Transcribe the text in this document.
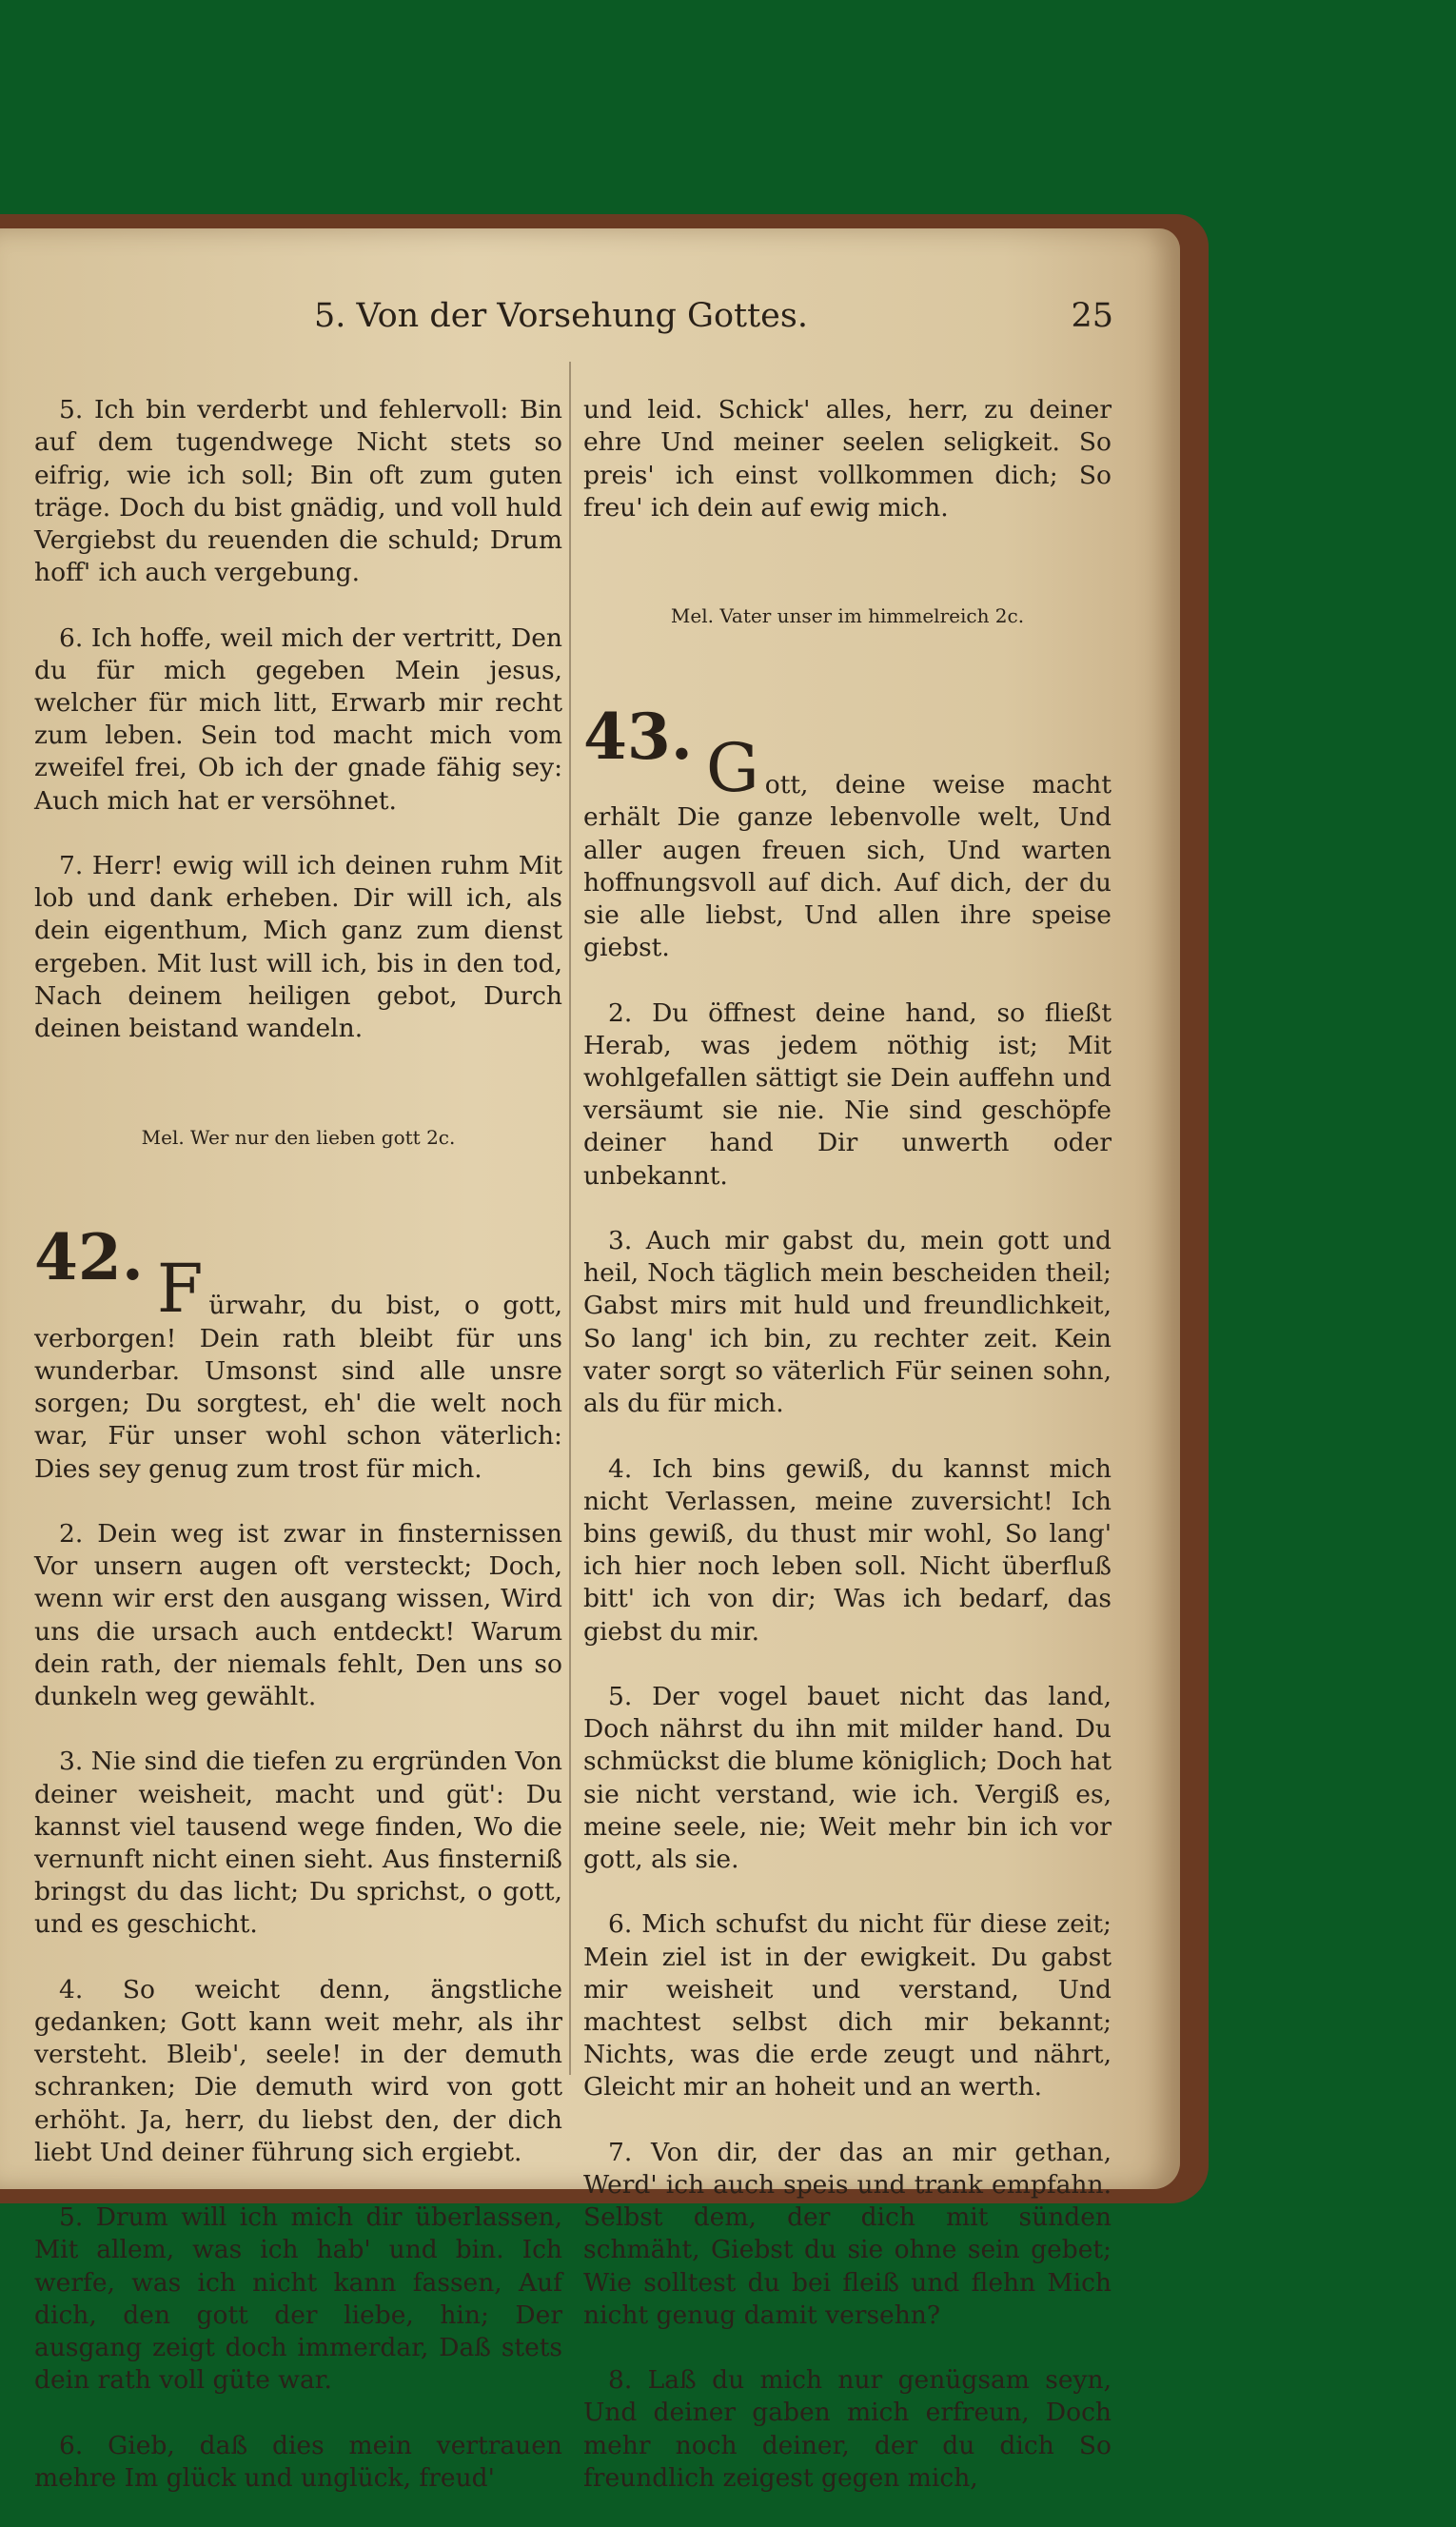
5. Von der Vorsehung Gottes.	25

5. Ich bin verderbt und fehlervoll: Bin auf dem tugendwege Nicht stets so eifrig, wie ich soll; Bin oft zum guten träge. Doch du bist gnädig, und voll huld Vergiebst du reuenden die schuld; Drum hoff' ich auch vergebung.

6. Ich hoffe, weil mich der vertritt, Den du für mich gegeben Mein jesus, welcher für mich litt, Erwarb mir recht zum leben. Sein tod macht mich vom zweifel frei, Ob ich der gnade fähig sey: Auch mich hat er versöhnet.

7. Herr! ewig will ich deinen ruhm Mit lob und dank erheben. Dir will ich, als dein eigenthum, Mich ganz zum dienst ergeben. Mit lust will ich, bis in den tod, Nach deinem heiligen gebot, Durch deinen beistand wandeln.

Mel. Wer nur den lieben gott 2c.

42. F ürwahr, du bist, o gott, verborgen! Dein rath bleibt für uns wunderbar. Umsonst sind alle unsre sorgen; Du sorgtest, eh' die welt noch war, Für unser wohl schon väterlich: Dies sey genug zum trost für mich.

2. Dein weg ist zwar in finsternissen Vor unsern augen oft versteckt; Doch, wenn wir erst den ausgang wissen, Wird uns die ursach auch entdeckt! Warum dein rath, der niemals fehlt, Den uns so dunkeln weg gewählt.

3. Nie sind die tiefen zu ergründen Von deiner weisheit, macht und güt': Du kannst viel tausend wege finden, Wo die vernunft nicht einen sieht. Aus finsterniß bringst du das licht; Du sprichst, o gott, und es geschicht.

4. So weicht denn, ängstliche gedanken; Gott kann weit mehr, als ihr versteht. Bleib', seele! in der demuth schranken; Die demuth wird von gott erhöht. Ja, herr, du liebst den, der dich liebt Und deiner führung sich ergiebt.

5. Drum will ich mich dir überlassen, Mit allem, was ich hab' und bin. Ich werfe, was ich nicht kann fassen, Auf dich, den gott der liebe, hin; Der ausgang zeigt doch immerdar, Daß stets dein rath voll güte war.

6. Gieb, daß dies mein vertrauen mehre Im glück und unglück, freud'

und leid. Schick' alles, herr, zu deiner ehre Und meiner seelen seligkeit. So preis' ich einst vollkommen dich; So freu' ich dein auf ewig mich.

Mel. Vater unser im himmelreich 2c.

43. G ott, deine weise macht erhält Die ganze lebenvolle welt, Und aller augen freuen sich, Und warten hoffnungsvoll auf dich. Auf dich, der du sie alle liebst, Und allen ihre speise giebst.

2. Du öffnest deine hand, so fließt Herab, was jedem nöthig ist; Mit wohlgefallen sättigt sie Dein auffehn und versäumt sie nie. Nie sind geschöpfe deiner hand Dir unwerth oder unbekannt.

3. Auch mir gabst du, mein gott und heil, Noch täglich mein bescheiden theil; Gabst mirs mit huld und freundlichkeit, So lang' ich bin, zu rechter zeit. Kein vater sorgt so väterlich Für seinen sohn, als du für mich.

4. Ich bins gewiß, du kannst mich nicht Verlassen, meine zuversicht! Ich bins gewiß, du thust mir wohl, So lang' ich hier noch leben soll. Nicht überfluß bitt' ich von dir; Was ich bedarf, das giebst du mir.

5. Der vogel bauet nicht das land, Doch nährst du ihn mit milder hand. Du schmückst die blume königlich; Doch hat sie nicht verstand, wie ich. Vergiß es, meine seele, nie; Weit mehr bin ich vor gott, als sie.

6. Mich schufst du nicht für diese zeit; Mein ziel ist in der ewigkeit. Du gabst mir weisheit und verstand, Und machtest selbst dich mir bekannt; Nichts, was die erde zeugt und nährt, Gleicht mir an hoheit und an werth.

7. Von dir, der das an mir gethan, Werd' ich auch speis und trank empfahn. Selbst dem, der dich mit sünden schmäht, Giebst du sie ohne sein gebet; Wie solltest du bei fleiß und flehn Mich nicht genug damit versehn?

8. Laß du mich nur genügsam seyn, Und deiner gaben mich erfreun, Doch mehr noch deiner, der du dich So freundlich zeigest gegen mich,
